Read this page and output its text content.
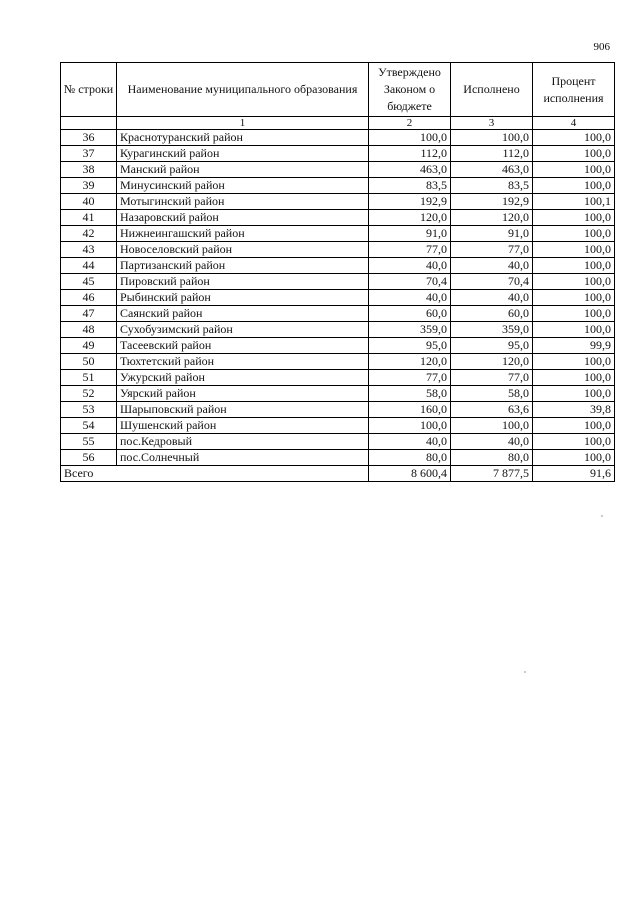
906
№ строки	Наименование муниципального образования	Утверждено Законом о бюджете	Исполнено	Процент исполнения
	1	2	3	4
36	Краснотуранский район	100,0	100,0	100,0
37	Курагинский район	112,0	112,0	100,0
38	Манский район	463,0	463,0	100,0
39	Минусинский район	83,5	83,5	100,0
40	Мотыгинский район	192,9	192,9	100,1
41	Назаровский район	120,0	120,0	100,0
42	Нижнеингашский район	91,0	91,0	100,0
43	Новоселовский район	77,0	77,0	100,0
44	Партизанский район	40,0	40,0	100,0
45	Пировский район	70,4	70,4	100,0
46	Рыбинский район	40,0	40,0	100,0
47	Саянский район	60,0	60,0	100,0
48	Сухобузимский район	359,0	359,0	100,0
49	Тасеевский район	95,0	95,0	99,9
50	Тюхтетский район	120,0	120,0	100,0
51	Ужурский район	77,0	77,0	100,0
52	Уярский район	58,0	58,0	100,0
53	Шарыповский район	160,0	63,6	39,8
54	Шушенский район	100,0	100,0	100,0
55	пос.Кедровый	40,0	40,0	100,0
56	пос.Солнечный	80,0	80,0	100,0
Всего		8 600,4	7 877,5	91,6
